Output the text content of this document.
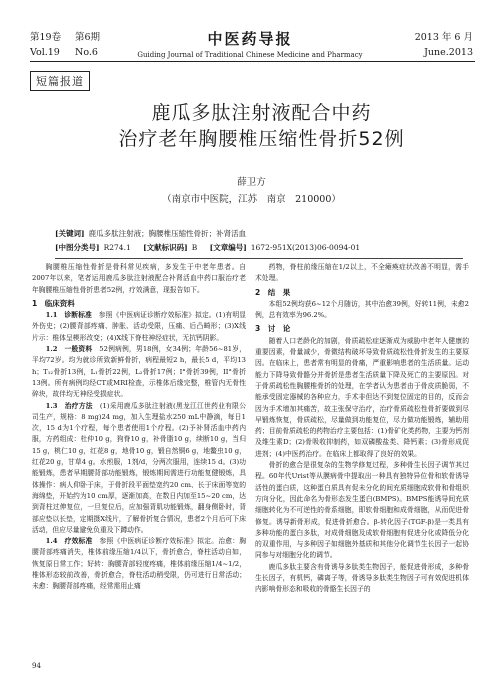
第19卷 第6期
Vol.19 No.6
中医药导报
Guiding Journal of Traditional Chinese Medicine and Pharmacy
2013 年 6 月
June.2013
短篇报道
鹿瓜多肽注射液配合中药
治疗老年胸腰椎压缩性骨折52例
薛卫方
（南京市中医院，江苏　南京　210000）
[关键词] 鹿瓜多肽注射液；胸腰椎压缩性骨折；补肾活血
[中图分类号] R274.1 [文献标识码] B [文章编号] 1672-951X(2013)06-0094-01

胸腰椎压缩性骨折是骨科常见疾病，多发生于中老年患者。自2007年以来，笔者运用鹿瓜多肽注射液配合补肾活血中药口服治疗老年胸腰椎压缩性骨折患者52例，疗效满意，现报告如下。

1　临床资料

1.1　诊断标准　 参照《中医病证诊断疗效标准》拟定。(1)有明显外伤史；(2)腰背部疼痛、肿胀、活动受限，压痛、后凸畸形；(3)X线片示：椎体呈楔形改变；(4)X线下脊柱神经症状，无抗钙阴影。

1.2　一般资料　 52例病例，男18例，女34例；年龄56~81岁，平均72岁。均为就诊所致新鲜骨折，病程最短2 h，最长5 d，平均13 h；T₁₂骨折13例，L₁骨折22例，L₂骨折17例；I°骨折39例，II°骨折13例。所有病例均经CT或MRI检查，示椎体后缘完整，椎管内无骨性碎块，故伴均无神经受损症状。

1.3　治疗方法　 (1)采用鹿瓜多肽注射液(黑龙江江世药业有限公司生产，规格：8 mg)24 mg，加入生理盐水250 mL中静滴，每日1次，15 d为1个疗程，每个患者使用1个疗程。(2)予补肾活血中药内服，方药组成：杜仲10 g，狗脊10 g，补骨脂10 g，续断10 g，当归15 g，桃仁10 g，红花8 g，地骨10 g，锻自然铜6 g，地鳖虫10 g，红花20 g，甘草4 g。水煎服，1剂/d，分两次服用，连续15 d。(3)功能锻炼，患者早期腰背部功能锻炼，锻炼期间需进行功能复健锻炼，具体操作：病人仰卧于床，于骨折段平面垫宽约20 cm、长于床面等宽的海绵垫，开始约为10 cm厚，逐渐加高，在数日内加至15~20 cm，达到背柱过伸复位，一旦复位后，应加强背肌功能锻炼，翻身侧卧时，背部应垫以长垫，定期摄X线片，了解骨折复合情况，患者2个月后可下床活动，但应尽量避免负重及下蹲动作。

1.4　疗效标准　 参照《中医病证诊断疗效标准》拟定。治愈：胸腰背部疼痛消失，椎体前缘压缩1/4以下，骨折愈合，脊柱活动自如，恢复原日常工作；好转：胸腰背部轻度疼痛，椎体前缘压缩1/4~1/2，椎体形态较前改善，骨折愈合，脊柱活动稍受限，仍可进行日常活动；未愈：胸腰背部疼痛，经常需用止痛

药物，脊柱前缘压缩在1/2以上，不全瘫痪症状改善不明显，需手术处理。

2　结　果

本组52例均获6~12个月随访，其中治愈39例，好转11例，未愈2例，总有效率为96.2%。

3　讨　论

随着人口老龄化的加剧，骨质疏松症逐渐成为威胁中老年人健康的重要因素，骨量减少，骨微结构破坏导致骨质疏松性骨折发生的主要原因。在临床上，患者常有明显的骨痛，严重影响患者的生活质量。运动能力下降导致骨骼分并骨折是患者生活质量下降及死亡的主要原因。对于骨质疏松性胸腰椎骨折的处理，在学者认为患者由于骨皮质脆弱，不能承受固定器械的各种应力，手术非但达不到复位固定的目的，反而会因为手术增加其痛苦，故主张保守治疗，治疗骨质疏松性骨折要做到尽早锻炼恢复，骨质疏松，尽量做到功能复位，尽力做功能锻炼，辅助用药；目前骨质疏松的药物治疗主要包括：(1)骨矿化类药物，主要为钙剂及维生素D；(2)骨吸收抑制药，如双磷酸盐类、降钙素；(3)骨形成促进剂；(4)中医药治疗。在临床上都取得了良好的效果。

骨折的愈合是很复杂的生物学修复过程，多种骨生长因子调节其过程。60年代Urist等从膜病骨中提取出一种具有独特异位骨和软骨诱导活性的蛋白质，这种蛋白质具有促未分化的间充质细胞成软骨和骨组织方向分化，因此命名为骨形态发生蛋白(BMPS)。BMPS能诱导间充质细胞转化为不可逆性的骨系细胞，即软骨细胞和成骨细胞，从而促进骨修复。诱导新骨形成，促进骨折愈合。β-转化因子(TGF-β)是一类具有多种功能的蛋白多肽，对成骨细胞及成软骨细胞有促进分化或降低分化的双重作用，与多种因子如细胞外基质和其他分化调节生长因子一起协同参与对细胞分化的调节。

鹿瓜多肽主要含有骨诱导多肽类生物因子，能促进骨形成，多种骨生长因子，有机钙，磷离子等，骨诱导多肽类生物因子可有效促进机体内影响骨形态和吸收的骨骼生长因子的

94
